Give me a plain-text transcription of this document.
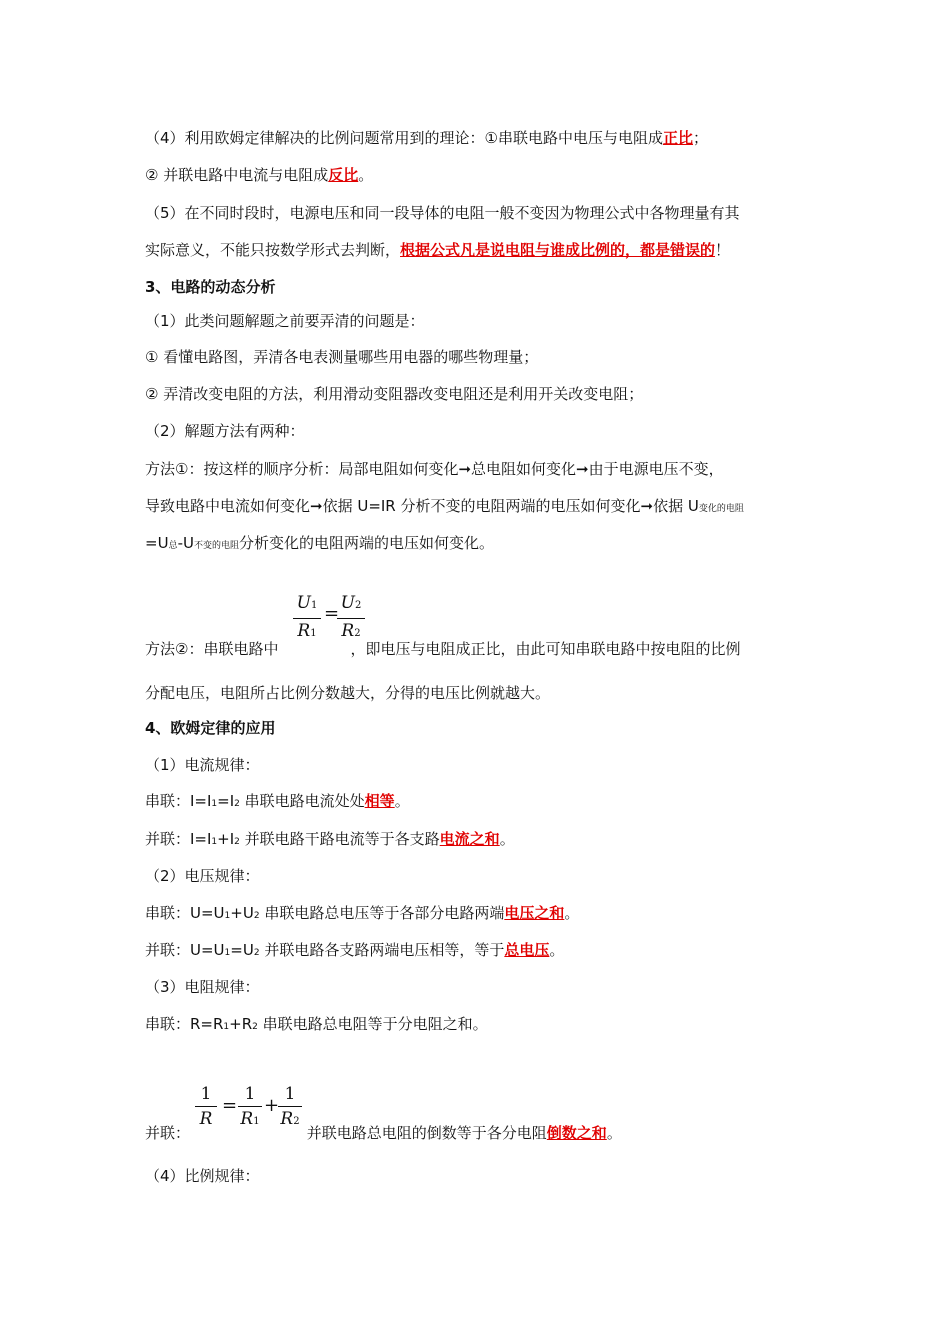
（4）利用欧姆定律解决的比例问题常用到的理论：①串联电路中电压与电阻成正比；
② 并联电路中电流与电阻成反比。
（5）在不同时段时，电源电压和同一段导体的电阻一般不变因为物理公式中各物理量有其
实际意义，不能只按数学形式去判断，根据公式凡是说电阻与谁成比例的，都是错误的！
3、电路的动态分析
（1）此类问题解题之前要弄清的问题是：
① 看懂电路图，弄清各电表测量哪些用电器的哪些物理量；
② 弄清改变电阻的方法，利用滑动变阻器改变电阻还是利用开关改变电阻；
（2）解题方法有两种：
方法①：按这样的顺序分析：局部电阻如何变化➞总电阻如何变化➞由于电源电压不变，
导致电路中电流如何变化➞依据 U=IR 分析不变的电阻两端的电压如何变化➞依据 U变化的电阻
=U总-U不变的电阻分析变化的电阻两端的电压如何变化。
U1
R1
= U2
R2
方法②：串联电路中	，即电压与电阻成正比，由此可知串联电路中按电阻的比例
分配电压，电阻所占比例分数越大，分得的电压比例就越大。
4、欧姆定律的应用
（1）电流规律：
串联：I=I1=I2 串联电路电流处处相等。
并联：I=I1+I2 并联电路干路电流等于各支路电流之和。
（2）电压规律：
串联：U=U1+U2 串联电路总电压等于各部分电路两端电压之和。
并联：U=U1=U2 并联电路各支路两端电压相等，等于总电压。
（3）电阻规律：
串联：R=R1+R2 串联电路总电阻等于分电阻之和。
1
R
=
1
R1
+
1
R2
并联：	并联电路总电阻的倒数等于各分电阻倒数之和。
（4）比例规律：
